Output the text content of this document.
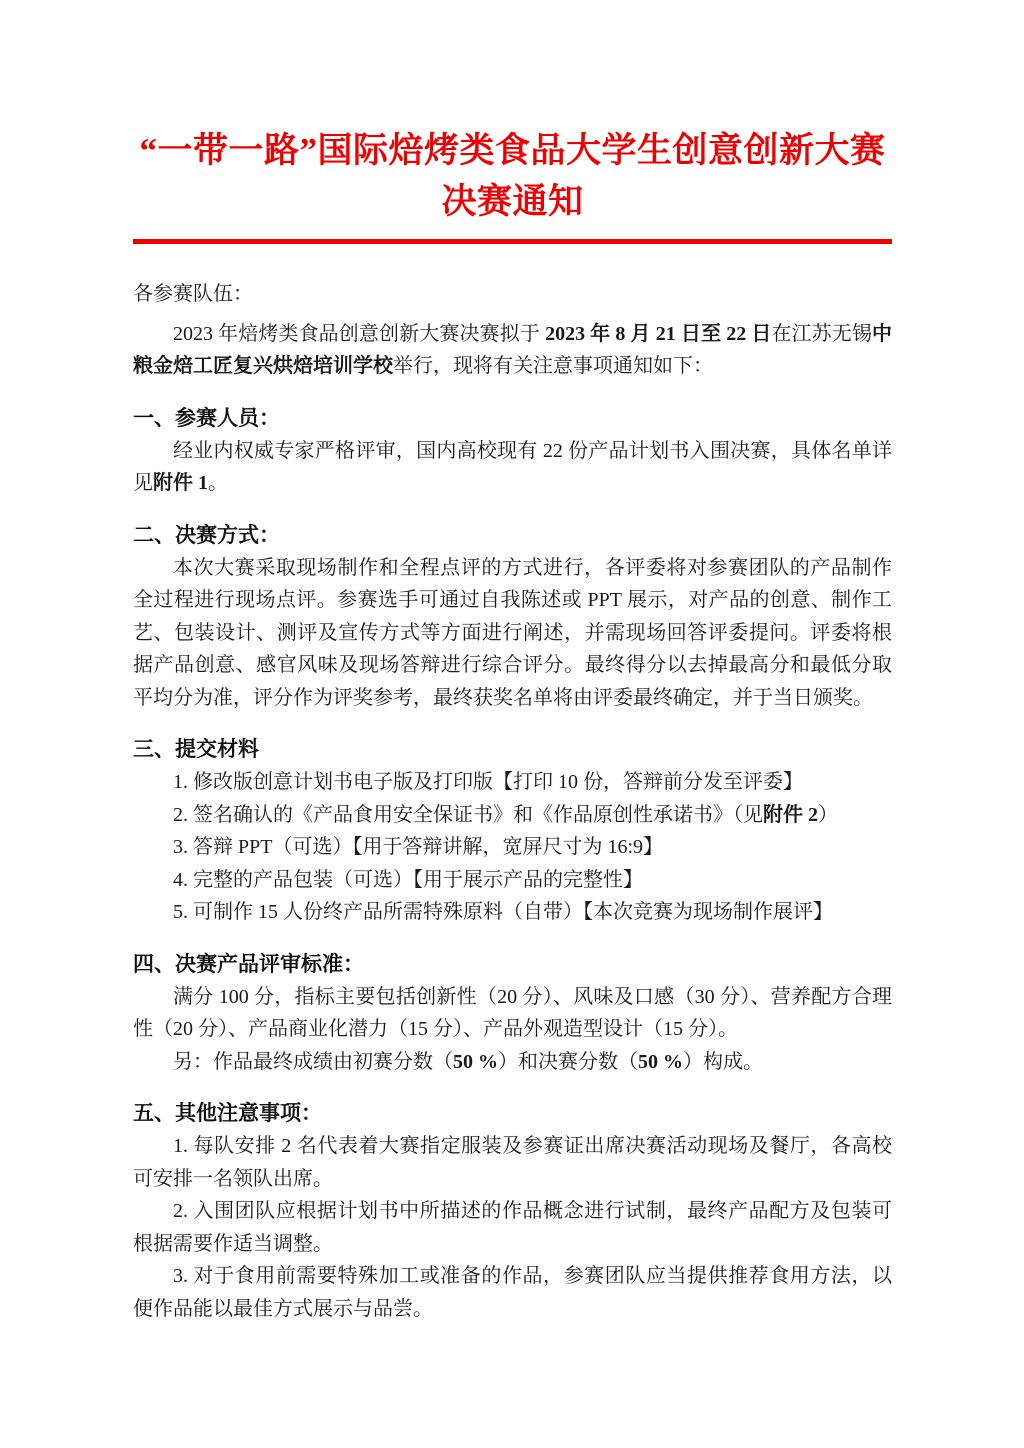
“一带一路”国际焙烤类食品大学生创意创新大赛
决赛通知

各参赛队伍：

2023 年焙烤类食品创意创新大赛决赛拟于 2023 年 8 月 21 日至 22 日在江苏无锡中粮金焙工匠复兴烘焙培训学校举行，现将有关注意事项通知如下：

一、参赛人员：

经业内权威专家严格评审，国内高校现有 22 份产品计划书入围决赛，具体名单详见附件 1。

二、决赛方式：

本次大赛采取现场制作和全程点评的方式进行，各评委将对参赛团队的产品制作全过程进行现场点评。参赛选手可通过自我陈述或 PPT 展示，对产品的创意、制作工艺、包装设计、测评及宣传方式等方面进行阐述，并需现场回答评委提问。评委将根据产品创意、感官风味及现场答辩进行综合评分。最终得分以去掉最高分和最低分取平均分为准，评分作为评奖参考，最终获奖名单将由评委最终确定，并于当日颁奖。

三、提交材料

1. 修改版创意计划书电子版及打印版【打印 10 份，答辩前分发至评委】

2. 签名确认的《产品食用安全保证书》和《作品原创性承诺书》（见附件 2）

3. 答辩 PPT（可选）【用于答辩讲解，宽屏尺寸为 16:9】

4. 完整的产品包装（可选）【用于展示产品的完整性】

5. 可制作 15 人份终产品所需特殊原料（自带）【本次竞赛为现场制作展评】

四、决赛产品评审标准：

满分 100 分，指标主要包括创新性（20 分）、风味及口感（30 分）、营养配方合理性（20 分）、产品商业化潜力（15 分）、产品外观造型设计（15 分）。

另：作品最终成绩由初赛分数（50 %）和决赛分数（50 %）构成。

五、其他注意事项：

1. 每队安排 2 名代表着大赛指定服装及参赛证出席决赛活动现场及餐厅，各高校可安排一名领队出席。

2. 入围团队应根据计划书中所描述的作品概念进行试制，最终产品配方及包装可根据需要作适当调整。

3. 对于食用前需要特殊加工或准备的作品，参赛团队应当提供推荐食用方法，以便作品能以最佳方式展示与品尝。
